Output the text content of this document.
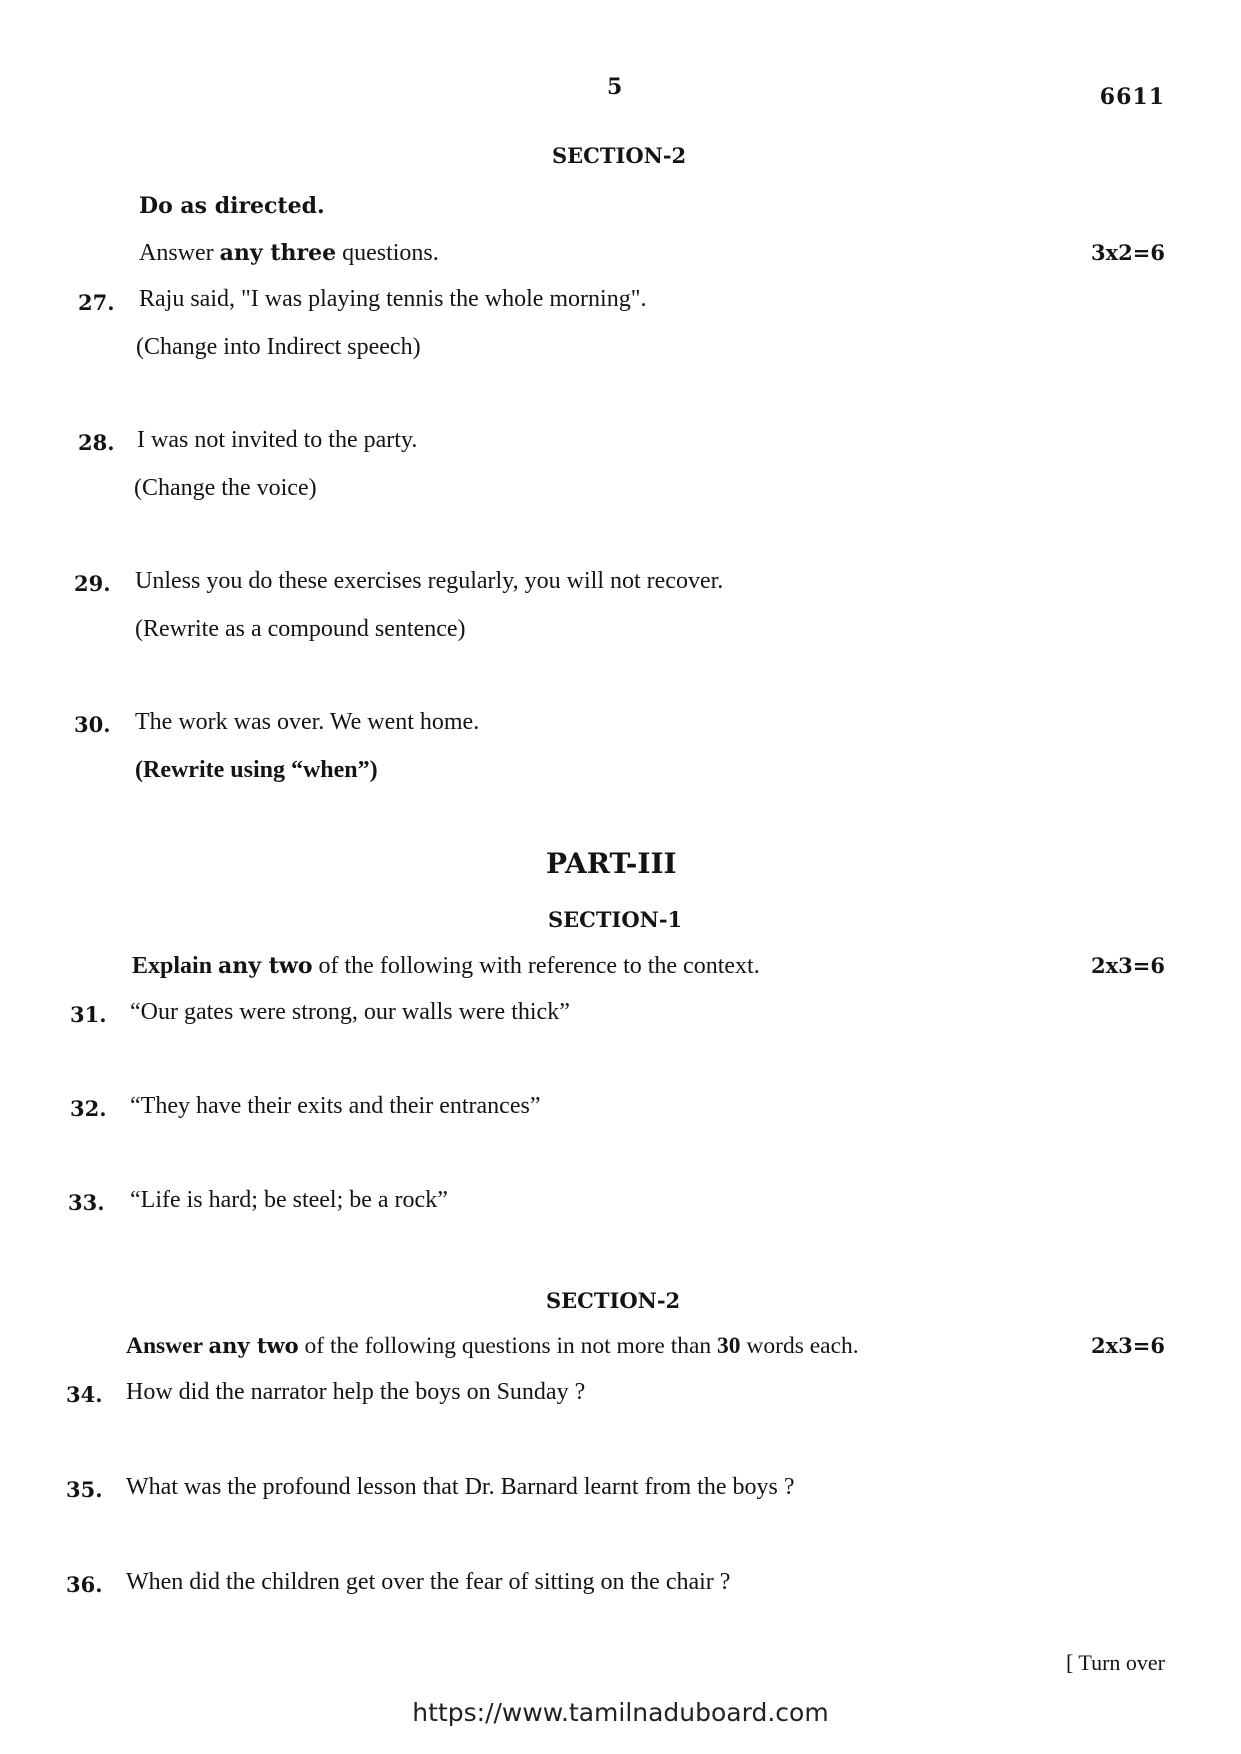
5	6611
SECTION-2
Do as directed.
Answer any three questions.	3x2=6
27. Raju said, "I was playing tennis the whole morning".
(Change into Indirect speech)
28. I was not invited to the party.
(Change the voice)
29. Unless you do these exercises regularly, you will not recover.
(Rewrite as a compound sentence)
30. The work was over. We went home.
(Rewrite using “when”)
PART-III
SECTION-1
Explain any two of the following with reference to the context.	2x3=6
31. “Our gates were strong, our walls were thick”
32. “They have their exits and their entrances”
33. “Life is hard; be steel; be a rock”
SECTION-2
Answer any two of the following questions in not more than 30 words each.	2x3=6
34. How did the narrator help the boys on Sunday ?
35. What was the profound lesson that Dr. Barnard learnt from the boys ?
36. When did the children get over the fear of sitting on the chair ?
[ Turn over
https://www.tamilnaduboard.com
